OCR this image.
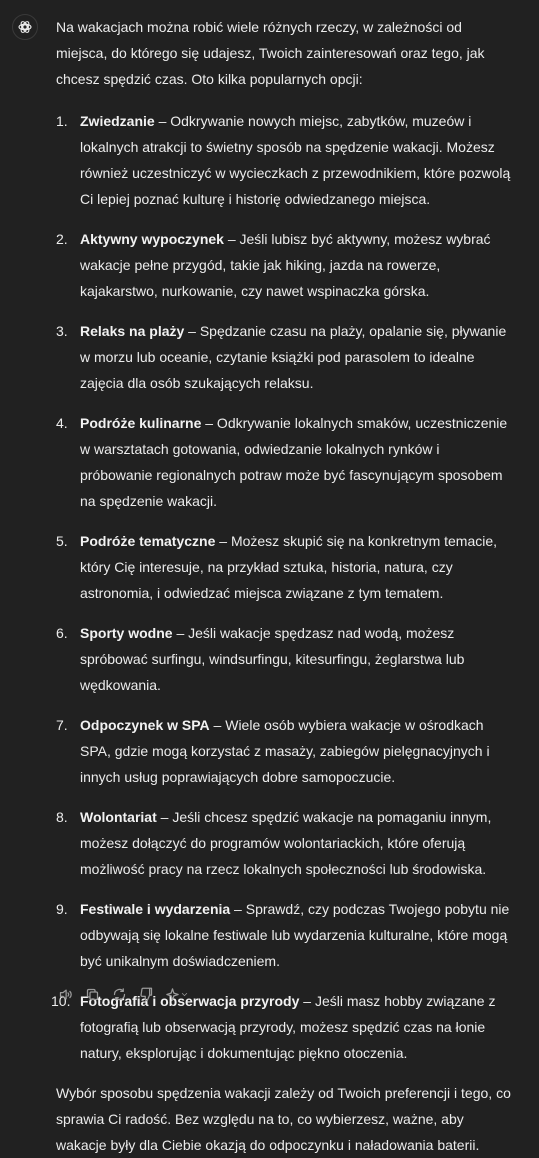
Na wakacjach można robić wiele różnych rzeczy, w zależności od miejsca, do którego się udajesz, Twoich zainteresowań oraz tego, jak chcesz spędzić czas. Oto kilka popularnych opcji:

1. Zwiedzanie – Odkrywanie nowych miejsc, zabytków, muzeów i lokalnych atrakcji to świetny sposób na spędzenie wakacji. Możesz również uczestniczyć w wycieczkach z przewodnikiem, które pozwolą Ci lepiej poznać kulturę i historię odwiedzanego miejsca.
2. Aktywny wypoczynek – Jeśli lubisz być aktywny, możesz wybrać wakacje pełne przygód, takie jak hiking, jazda na rowerze, kajakarstwo, nurkowanie, czy nawet wspinaczka górska.
3. Relaks na plaży – Spędzanie czasu na plaży, opalanie się, pływanie w morzu lub oceanie, czytanie książki pod parasolem to idealne zajęcia dla osób szukających relaksu.
4. Podróże kulinarne – Odkrywanie lokalnych smaków, uczestniczenie w warsztatach gotowania, odwiedzanie lokalnych rynków i próbowanie regionalnych potraw może być fascynującym sposobem na spędzenie wakacji.
5. Podróże tematyczne – Możesz skupić się na konkretnym temacie, który Cię interesuje, na przykład sztuka, historia, natura, czy astronomia, i odwiedzać miejsca związane z tym tematem.
6. Sporty wodne – Jeśli wakacje spędzasz nad wodą, możesz spróbować surfingu, windsurfingu, kitesurfingu, żeglarstwa lub wędkowania.
7. Odpoczynek w SPA – Wiele osób wybiera wakacje w ośrodkach SPA, gdzie mogą korzystać z masaży, zabiegów pielęgnacyjnych i innych usług poprawiających dobre samopoczucie.
8. Wolontariat – Jeśli chcesz spędzić wakacje na pomaganiu innym, możesz dołączyć do programów wolontariackich, które oferują możliwość pracy na rzecz lokalnych społeczności lub środowiska.
9. Festiwale i wydarzenia – Sprawdź, czy podczas Twojego pobytu nie odbywają się lokalne festiwale lub wydarzenia kulturalne, które mogą być unikalnym doświadczeniem.
10. Fotografia i obserwacja przyrody – Jeśli masz hobby związane z fotografią lub obserwacją przyrody, możesz spędzić czas na łonie natury, eksplorując i dokumentując piękno otoczenia.

Wybór sposobu spędzenia wakacji zależy od Twoich preferencji i tego, co sprawia Ci radość. Bez względu na to, co wybierzesz, ważne, aby wakacje były dla Ciebie okazją do odpoczynku i naładowania baterii.
